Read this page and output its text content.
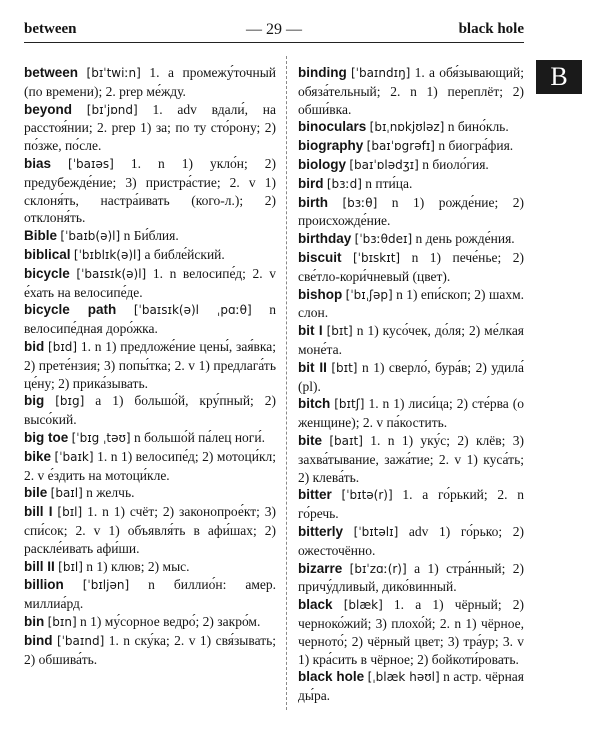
between	— 29 —	black hole
B
between [bɪˈtwiːn] 1. a промежу́точный (по времени); 2. prep ме́жду.
beyond [bɪˈjɒnd] 1. adv вдали́, на расстоя́нии; 2. prep 1) за; по ту сто́рону; 2) по́зже, по́сле.
bias [ˈbaɪəs] 1. n 1) укло́н; 2) предубежде́ние; 3) пристра́стие; 2. v 1) склоня́ть, настра́ивать (кого-л.); 2) отклоня́ть.
Bible [ˈbaɪb(ə)l] n Би́блия.
biblical [ˈbɪblɪk(ə)l] a библе́йский.
bicycle [ˈbaɪsɪk(ə)l] 1. n велосипе́д; 2. v е́хать на велосипе́де.
bicycle path [ˈbaɪsɪk(ə)l ˌpɑːθ] n велосипе́дная доро́жка.
bid [bɪd] 1. n 1) предложе́ние цены́, зая́вка; 2) прете́нзия; 3) попы́тка; 2. v 1) предлага́ть це́ну; 2) прика́зывать.
big [bɪg] a 1) большо́й, кру́пный; 2) высо́кий.
big toe [ˈbɪg ˌtəʊ] n большо́й па́лец ноги́.
bike [ˈbaɪk] 1. n 1) велосипе́д; 2) мотоци́кл; 2. v е́здить на мотоци́кле.
bile [baɪl] n желчь.
bill I [bɪl] 1. n 1) счёт; 2) законопрое́кт; 3) спи́сок; 2. v 1) объявля́ть в афи́шах; 2) раскле́ивать афи́ши.
bill II [bɪl] n 1) клюв; 2) мыс.
billion [ˈbɪljən] n биллио́н: амер. миллиа́рд.
bin [bɪn] n 1) му́сорное ведро́; 2) закро́м.
bind [ˈbaɪnd] 1. n ску́ка; 2. v 1) свя́зывать; 2) обшива́ть.
binding [ˈbaɪndɪŋ] 1. a обя́зывающий; обяза́тельный; 2. n 1) переплёт; 2) обши́вка.
binoculars [bɪˌnɒkjʊləz] n бино́кль.
biography [baɪˈɒgrəfɪ] n биогра́фия.
biology [baɪˈɒlədʒɪ] n биоло́гия.
bird [bɜːd] n пти́ца.
birth [bɜːθ] n 1) рожде́ние; 2) происхожде́ние.
birthday [ˈbɜːθdeɪ] n день рожде́ния.
biscuit [ˈbɪskɪt] n 1) пече́нье; 2) све́тло-кори́чневый (цвет).
bishop [ˈbɪˌʃəp] n 1) епи́скоп; 2) шахм. слон.
bit I [bɪt] n 1) кусо́чек, до́ля; 2) ме́лкая моне́та.
bit II [bɪt] n 1) сверло́, бура́в; 2) удила́ (pl).
bitch [bɪtʃ] 1. n 1) лиси́ца; 2) сте́рва (о женщине); 2. v па́костить.
bite [baɪt] 1. n 1) уку́с; 2) клёв; 3) захва́тывание, зажа́тие; 2. v 1) куса́ть; 2) клева́ть.
bitter [ˈbɪtə(r)] 1. a го́рький; 2. n го́речь.
bitterly [ˈbɪtəlɪ] adv 1) го́рько; 2) ожесточённо.
bizarre [bɪˈzɑː(r)] a 1) стра́нный; 2) причу́дливый, дико́винный.
black [blæk] 1. a 1) чёрный; 2) чернoко́жий; 3) плохо́й; 2. n 1) чёрное, черното́; 2) чёрный цвет; 3) тра́ур; 3. v 1) кра́сить в чёрное; 2) бойкоти́ровать.
black hole [ˌblæk həʊl] n астр. чёрная ды́ра.
